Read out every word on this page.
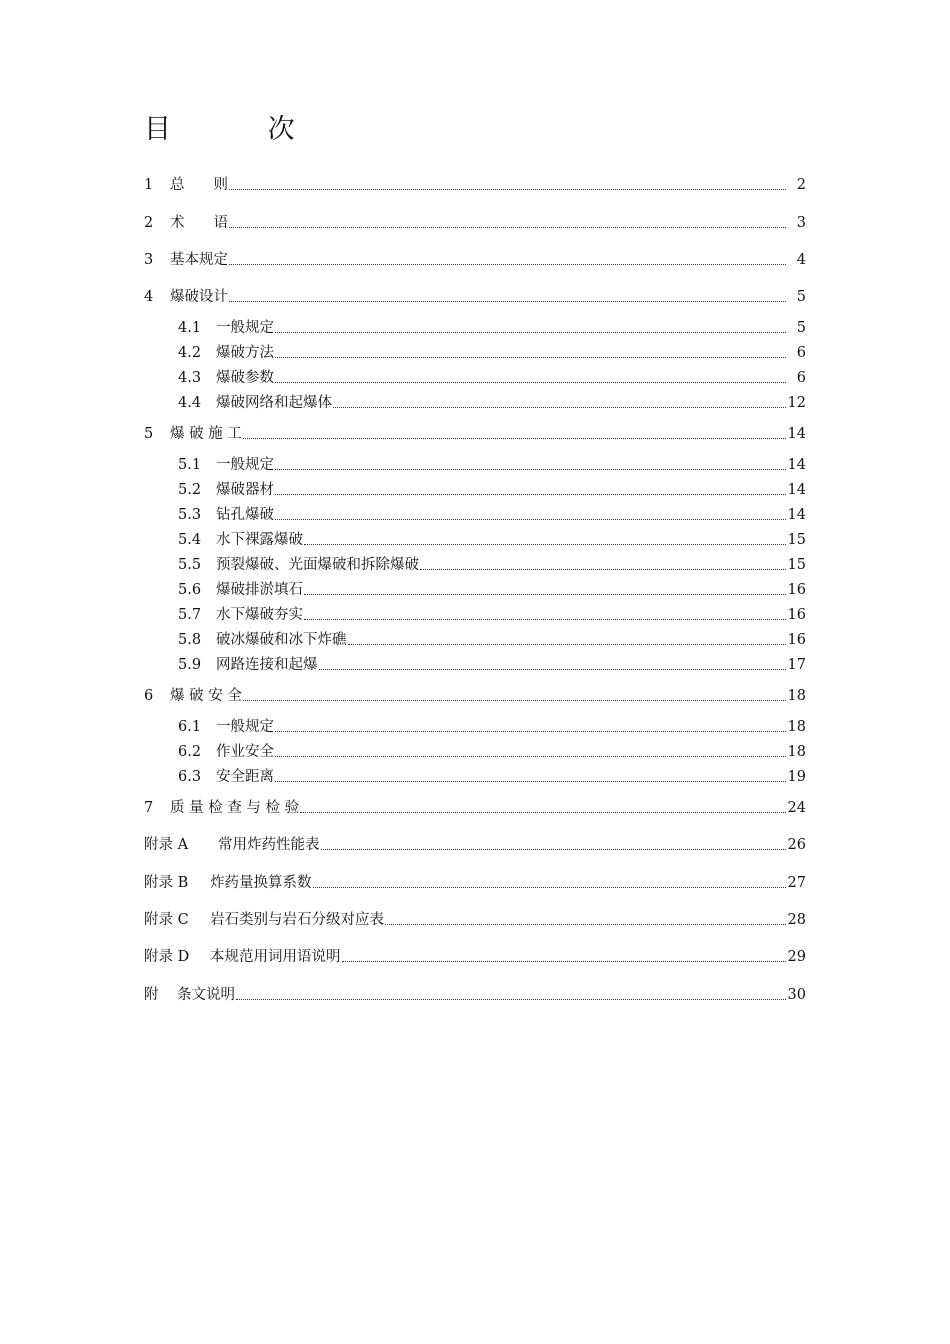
目 次
1	总　　则	2
2	术　　语	3
3	基本规定	4
4	爆破设计	5
4.1	一般规定	5
4.2	爆破方法	6
4.3	爆破参数	6
4.4	爆破网络和起爆体	12
5	爆 破 施 工	14
5.1	一般规定	14
5.2	爆破器材	14
5.3	钻孔爆破	14
5.4	水下裸露爆破	15
5.5	预裂爆破、光面爆破和拆除爆破	15
5.6	爆破排淤填石	16
5.7	水下爆破夯实	16
5.8	破冰爆破和冰下炸礁	16
5.9	网路连接和起爆	17
6	爆 破 安 全	18
6.1	一般规定	18
6.2	作业安全	18
6.3	安全距离	19
7	质 量 检 查 与 检 验	24
附录 A	常用炸药性能表	26
附录 B	炸药量换算系数	27
附录 C	岩石类别与岩石分级对应表	28
附录 D	本规范用词用语说明	29
附	条文说明	30
